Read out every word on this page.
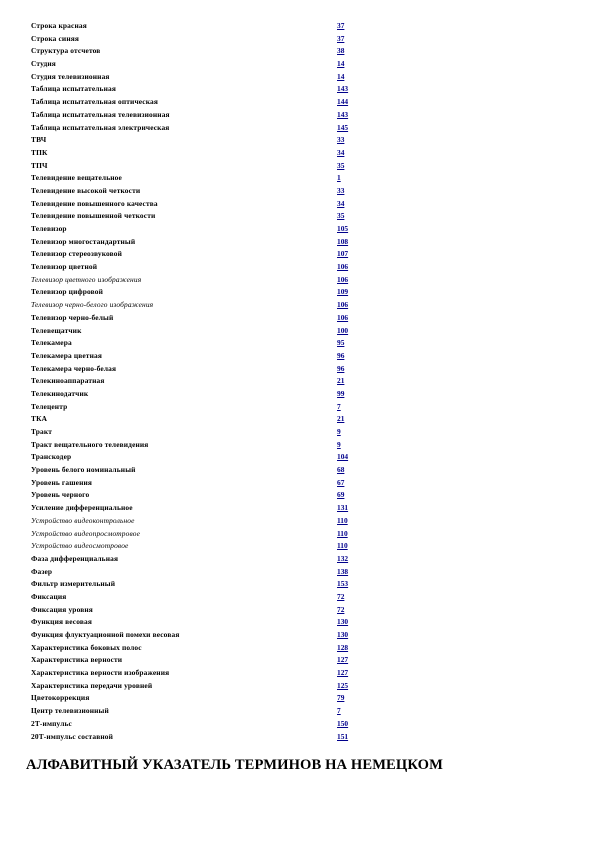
Строка красная	37
Строка синяя	37
Структура отсчетов	38
Студия	14
Студия телевизионная	14
Таблица испытательная	143
Таблица испытательная оптическая	144
Таблица испытательная телевизионная	143
Таблица испытательная электрическая	145
ТВЧ	33
ТПК	34
ТПЧ	35
Телевидение вещательное	1
Телевидение высокой четкости	33
Телевидение повышенного качества	34
Телевидение повышенной четкости	35
Телевизор	105
Телевизор многостандартный	108
Телевизор стереозвуковой	107
Телевизор цветной	106
Телевизор цветного изображения	106
Телевизор цифровой	109
Телевизор черно-белого изображения	106
Телевизор черно-белый	106
Телевещатчик	100
Телекамера	95
Телекамера цветная	96
Телекамера черно-белая	96
Телекиноаппаратная	21
Телекинодатчик	99
Телецентр	7
ТКА	21
Тракт	9
Тракт вещательного телевидения	9
Транскодер	104
Уровень белого номинальный	68
Уровень гашения	67
Уровень черного	69
Усиление дифференциальное	131
Устройство видеоконтрольное	110
Устройство видеопросмотровое	110
Устройство видеосмотровое	110
Фаза дифференциальная	132
Фазер	138
Фильтр измерительный	153
Фиксация	72
Фиксация уровня	72
Функция весовая	130
Функция флуктуационной помехи весовая	130
Характеристика боковых полос	128
Характеристика верности	127
Характеристика верности изображения	127
Характеристика передачи уровней	125
Цветокоррекция	79
Центр телевизионный	7
2Т-импульс	150
20Т-импульс составной	151
АЛФАВИТНЫЙ УКАЗАТЕЛЬ ТЕРМИНОВ НА НЕМЕЦКОМ
